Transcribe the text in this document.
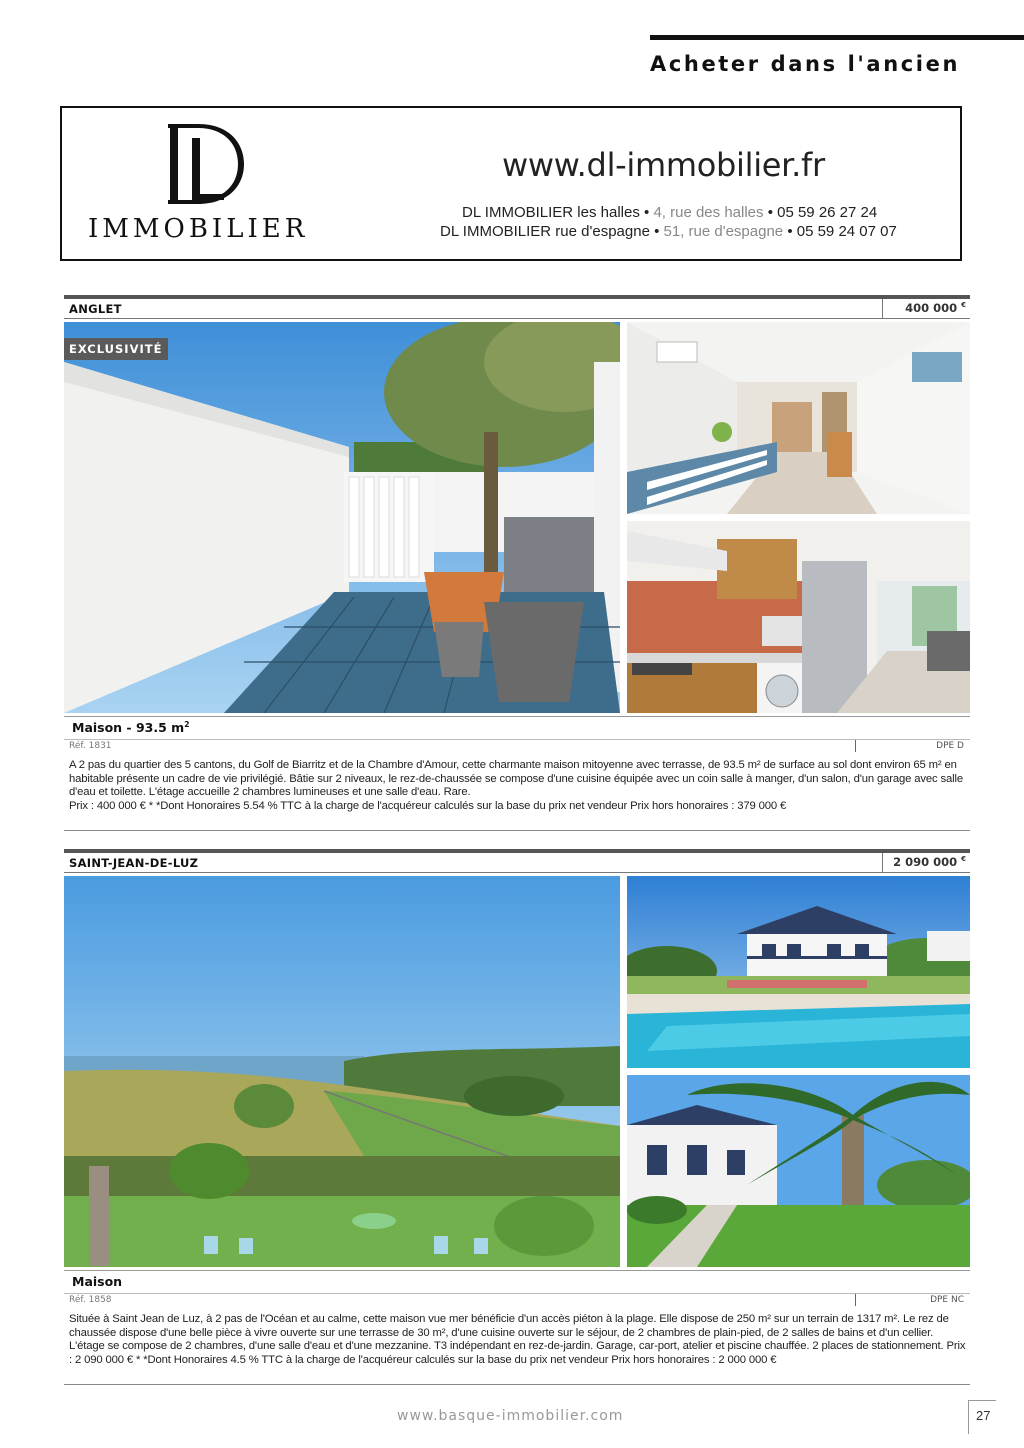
Acheter dans l'ancien
IMMOBILIER
www.dl-immobilier.fr
DL IMMOBILIER les halles • 4, rue des halles • 05 59 26 27 24
DL IMMOBILIER rue d'espagne • 51, rue d'espagne • 05 59 24 07 07
ANGLET	400 000 €
EXCLUSIVITÉ
Maison - 93.5 $m^2$
Réf. 1831	DPE D
A 2 pas du quartier des 5 cantons, du Golf de Biarritz et de la Chambre d'Amour, cette charmante maison mitoyenne avec terrasse, de 93.5 m² de surface au sol dont environ 65 m² en habitable présente un cadre de vie privilégié. Bâtie sur 2 niveaux, le rez-de-chaussée se compose d'une cuisine équipée avec un coin salle à manger, d'un salon, d'un garage avec salle d'eau et toilette. L'étage accueille 2 chambres lumineuses et une salle d'eau. Rare.
Prix : 400 000 € * *Dont Honoraires 5.54 % TTC à la charge de l'acquéreur calculés sur la base du prix net vendeur Prix hors honoraires : 379 000 €
SAINT-JEAN-DE-LUZ	2 090 000 €
Maison
Réf. 1858	DPE NC
Située à Saint Jean de Luz, à 2 pas de l'Océan et au calme, cette maison vue mer bénéficie d'un accès piéton à la plage. Elle dispose de 250 m² sur un terrain de 1317 m². Le rez de chaussée dispose d'une belle pièce à vivre ouverte sur une terrasse de 30 m², d'une cuisine ouverte sur le séjour, de 2 chambres de plain-pied, de 2 salles de bains et d'un cellier. L'étage se compose de 2 chambres, d'une salle d'eau et d'une mezzanine. T3 indépendant en rez-de-jardin. Garage, car-port, atelier et piscine chauffée. 2 places de stationnement. Prix : 2 090 000 € * *Dont Honoraires 4.5 % TTC à la charge de l'acquéreur calculés sur la base du prix net vendeur Prix hors honoraires : 2 000 000 €
www.basque-immobilier.com	27
